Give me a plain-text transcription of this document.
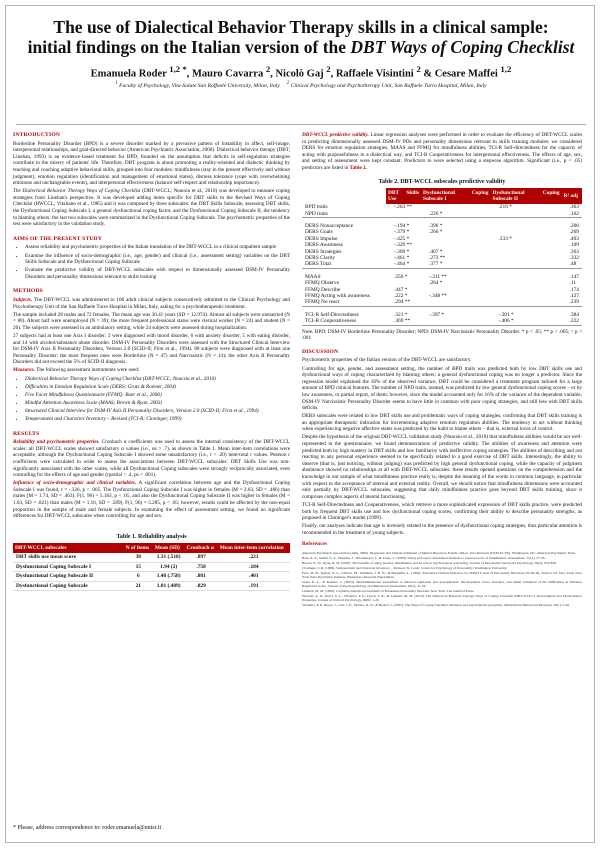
The use of Dialectical Behavior Therapy skills in a clinical sample:
initial findings on the Italian version of the DBT Ways of Coping Checklist
Emanuela Roder $^{1,2 *}$, Mauro Cavarra $^2$, Nicolò Gaj $^2$, Raffaele Visintini $^2$ & Cesare Maffei $^{1,2}$
$^1$ Faculty of Psychology, Vita-Salute San Raffaele University, Milan, Italy $^2$ Clinical Psychology and Psychotherapy Unit, San Raffaele Turro Hospital, Milan, Italy
INTRODUCTION

Borderline Personality Disorder (BPD) is a severe disorder marked by a pervasive pattern of instability in affect, self-image, interpersonal relationships, and goal-directed behavior (American Psychiatric Association, 2000). Dialectical behavior therapy (DBT; Linehan, 1993) is an evidence-based treatment for BPD, founded on the assumption that deficits in self-regulation strategies contribute to the misery of patients' life. Therefore, DBT program is about promoting a reality-oriented and dialectic thinking by teaching and coaching adaptive behavioral skills, grouped into four modules: mindfulness (stay in the present effectively and without judgment), emotion regulation (identification and management of emotional states), distress tolerance (cope with overwhelming emotions and unchangeable events), and interpersonal effectiveness (balance self-respect and relationship importance).

The Dialectical Behavior Therapy Ways of Coping Checklist (DBT-WCCL; Neacsiu et al., 2010) was developed to measure coping strategies from Linehan's perspective. It was developed adding items specific for DBT skills to the Revised Ways of Coping Checklist (RWCCL; Vitaliano et al., 1985) and it was composed by three subscales: the DBT Skills Subscale, assessing DBT skills, the Dysfunctional Coping Subscale I, a general dysfunctional coping factor, and the Dysfunctional Coping Subscale II, the tendency to blaming others: the last two subscales were summarized in the Dysfunctional Coping Subscale. The psychometric properties of the test were satisfactory in the validation study.

AIMS OF THE PRESENT STUDY
• Assess reliability and psychometric properties of the Italian translation of the DBT-WCCL in a clinical outpatient sample
• Examine the influence of socio-demographic (i.e., age, gender) and clinical (i.e., assessment setting) variables on the DBT Skills Subscale and the Dysfunctional Coping Subscale
• Evaluate the predictive validity of DBT-WCCL subscales with respect to dimensionally assessed DSM-IV Personality Disorders and personality dimensions relevant to skills training
METHODS

Subjects. The DBT-WCCL was administered to 100 adult clinical subjects consecutively admitted to the Clinical Psychology and Psychotherapy Unit of the San Raffaele Turro Hospital in Milan, Italy, asking for a psychotherapeutic treatment.

The sample included 28 males and 72 females. The mean age was 30.41 years (SD = 12.974). Almost all subjects were unmarried (N = 80). About half were unemployed (N = 39); the more frequent professional status were clerical worker (N = 24) and student (N = 20). The subjects were assessed in an ambulatory setting, while 24 subjects were assessed during hospitalization.

27 subjects had at least one Axis I disorder: 3 were diagnosed with mood disorder, 6 with anxiety disorder, 5 with eating disorder, and 14 with alcohol/substance abuse disorder. DSM-IV Personality Disorders were assessed with the Structured Clinical Interview for DSM-IV Axis II Personality Disorders, Version 2.0 (SCID-II; First et al., 1994). 88 subjects were diagnosed with at least one Personality Disorder: the most frequent ones were Borderline (N = 47) and Narcissistic (N = 14); the other Axis II Personality Disorders did not exceed the 5% of SCID-II diagnosis.

Measures. The following assessment instruments were used:

• Dialectical Behavior Therapy Ways of Coping Checklist (DBT-WCCL; Neacsiu et al., 2010)
• Difficulties in Emotion Regulation Scale (DERS; Gratz & Roemer, 2004)
• Five Facet Mindfulness Questionnaire (FFMQ; Baer et al., 2006)
• Mindful Attention Awareness Scale (MAAS; Brown & Ryan, 2003)
• Structured Clinical Interview for DSM-IV Axis II Personality Disorders, Version 2.0 (SCID-II; First et al., 1994)
• Temperament and Character Inventory – Revised (TCI-R; Cloninger, 1999)
RESULTS

Reliability and psychometric properties. Cronbach α coefficients was used to assess the internal consistency of the DBT-WCCL scales: all DBT-WCCL scales showed satisfactory α values (i.e., αs > .7), as shown in Table 1. Mean inter-item correlations were acceptable, although the Dysfunctional Coping Subscale I showed some unsatisfactory (i.e., r < .20) item-total r values. Pearson r coefficients were calculated in order to assess the associations between DBT-WCCL subscales: DBT Skills Use was non-significantly associated with the other scales, while all Dysfunctional Coping subscales were strongly reciprocally associated, even controlling for the effects of age and gender (rpartial > .4, ps < .001).

Influence of socio-demographic and clinical variables. A significant correlation between age and the Dysfunctional Coping Subscale I was found, r = -.326, p < .005. The Dysfunctional Coping Subscale I was higher in females (M = 2.03, SD = .466) than males (M = 1.74, SD = .463), F(1, 96) = 5.183, p < .05, and also the Dysfunctional Coping Subscale II was higher in females (M = 1.63, SD = .821) than males (M = 1.16, SD = .589), F(1, 96) = 5.285, p < .05; however, results could be affected by the non-equal proportion in the sample of male and female subjects. In examining the effect of assessment setting, we found no significant differences for DBT-WCCL subscales when controlling for age and sex.

Table 1. Reliability analysis
DBT-WCCL subscales	N of items	Mean (SD)	Cronbach α	Mean inter-item correlation
DBT skills use mean score	38	1.31 (.518)	.897	.221
Dysfunctional Coping Subscale I	15	1.94 (2)	.758	.184
Dysfunctional Coping Subscale II	6	1.48 (.758)	.801	.401
Dysfunctional Coping Subscale	21	1.81 (.489)	.829	.191

DBT-WCCL predictive validity. Linear regression analyses were performed in order to evaluate the efficiency of DBT-WCCL scales in predicting dimensionally assessed DSM-IV PDs and personality dimensions relevant to skills training modules: we considered DERS for emotion regulation strategies, MAAS and FFMQ for mindfulness abilities, TCI-R Self-directedness for the capacity of acting with purposefulness in a dialectical way, and TCI-R Cooperativeness for interpersonal effectiveness. The effects of age, sex, and setting of assessment were kept constant. Predictors to were selected using a stepwise algorithm. Significant (i.e., p < .05) predictors are listed in Table 2.

Table 2. DBT-WCCL subscales predictive validity
	DBT Skills Use	Dysfunctional Coping Subscale I	Dysfunctional Coping Subscale II	R² adj
BPD traits	-.263 **		.216 *	.363
NPD traits		.226 *		.162

DERS Nonacceptance	-.194 *	.396 *		.206
DERS Goals	-.379 *	.266 *		.269
DERS Impulse	-.425 *		.333 *	.403
DERS Awareness	-.329 **			.109
DERS Strategies	-.369 *	.407 *		.363
DERS Clarity	-.461 *	.273 **		.332
DERS Total	-.464 *	.377 *		.48

MAAS	.256 *	-.311 **		.147
FFMQ Observe		.264 *		.11
FFMQ Describe	.447 *			.174
FFMQ Acting with awareness	.222 *	-.348 **		.127
FFMQ No react	.294 **			.239

TCI-R Self-Directedness	.321 *	-.397 *	-.201 *	.384
TCI-R Cooperativeness	.369 **		-.406 *	.222
Note. BPD: DSM-IV Borderline Personality Disorder; NPD: DSM-IV Narcissistic Personality Disorder. * p < .05; ** p < .005; ^ p < .001
DISCUSSION

Psychometric properties of the Italian version of the DBT-WCCL are satisfactory.

Controlling for age, gender, and assessment setting, the number of BPD traits was predicted both by low DBT skills use and dysfunctional ways of coping characterized by blaming others; a general dysfunctional coping was no longer a predictor. Since the regression model explained the 36% of the observed variance, DBT could be considered a treatment program tailored for a large amount of BPD clinical features. The number of NPD traits, instead, was predicted by low general dysfunctional coping scores – or by low awareness, or partial report, of them; however, since the model accounted only for 16% of the variance of the dependent variable, DSM-IV Narcissistic Personality Disorder seems to have little in common with poor coping strategies, and still less with DBT skills deficits.

DERS subscales were related to low DBT skills use and problematic ways of coping strategies, confirming that DBT skills training is an appropriate therapeutic indication for incrementing adaptive emotion regulation abilities. The tendency to act without thinking when experiencing negative affective states was predicted by the habit to blame others – that is, external locus of control.

Despite the hypothesis of the original DBT-WCCL validation study (Neacsiu et al., 2010) that mindfulness abilities would be not well-represented in the questionnaire, we found demonstrations of predictive validity. The abilities of awareness and attention were predicted both by high mastery in DBT skills and low familiarity with ineffective coping strategies. The abilities of describing and not reacting to any personal experience seemed to be specifically related to a good exercise of DBT skills. Interestingly, the ability to observe (that is, just noticing, without judging) was predicted by high general dysfunctional coping, while the capacity of judgment abstinence showed no relationships at all with DBT-WCCL subscales: these results opened questions on the comprehension and the knowledge in our sample of what mindfulness practice really is, despite the meaning of the words in common language, in particular with respect to the acceptance of internal and external reality. Overall, we should notice that mindfulness dimensions were accounted only partially by DBT-WCCL subscales, suggesting that daily mindfulness practice goes beyond DBT skills training, since it comprises complex aspects of mental functioning.

TCI-R Self-Directedness and Cooperativeness, which retrieve a more sophisticated expression of DBT skills practice, were predicted both by frequent DBT skills use and low dysfunctional coping scores, confirming their ability to describe personality strengths, as proposed in Cloninger's model (1999).

Finally, our analyses indicate that age is inversely related to the presence of dysfunctional coping strategies, thus particular attention is recommended in the treatment of young subjects.

References

American Psychiatric Association (APA, 2000). Diagnostic and Statistical Manual of Mental Disorders, Fourth edition, Text Revision (DSM-IV-TR). Washington, DC: American Psychiatric Press.

Baer, R. A., Smith, G. T., Hopkins, J., Krietemeyer, J., & Toney, L. (2006). Using self-report assessment methods to explore facets of mindfulness. Assessment, 13 (1), 27-45.

Brown, K. W., Ryan, R. M. (2003). The benefits of being present: mindfulness and its role in psychological well-being. Journal of Personality and Social Psychology, 84(4): 822-848.

Cloninger, C.R. (1999). Temperament and Character Inventory – Revised. St. Louis: Center for Psychology of Personality, Washington University.

First, M. B., Spitzer, R. L., Gibbon, M., Williams, J. B. W., & Benjamin, L. (1994). Structured Clinical Interview for DSM-IV Axis II Personality Disorders (SCID-II), Version 2.0. New York: New York State Psychiatric Institute, Biometrics Research Department.

Gratz, K. L., & Roemer, L. (2004). Multidimensional assessment of emotion regulation and dysregulation: Development, factor structure, and initial validation of the Difficulties in Emotion Regulation Scale. Journal of Psychopathology and Behavioral Assessment, 26(1): 41-54.

Linehan, M. M. (1993). Cognitive-behavioral treatment of Borderline Personality Disorder. New York: The Guilford Press.

Neacsiu, A. D., Rizvi, S. L., Vitaliano, P. P., Lynch, T. R., & Linehan, M. M. (2010). The Dialectical Behavior Therapy Ways of Coping Checklist (DBT-WCCL): Development and Psychometric Properties. Journal of Clinical Psychology, 66(6): 1-20.

Vitaliano, P. P., Russo, J., Carr, J. E., Maiuro, R. D., & Becker, J. (1985). The Ways of Coping Checklist: Revision and psychometric properties. Multivariate Behavioral Research, 20(1): 3-26.

* Please, address correspondence to: roder.emanuela@unisr.it
